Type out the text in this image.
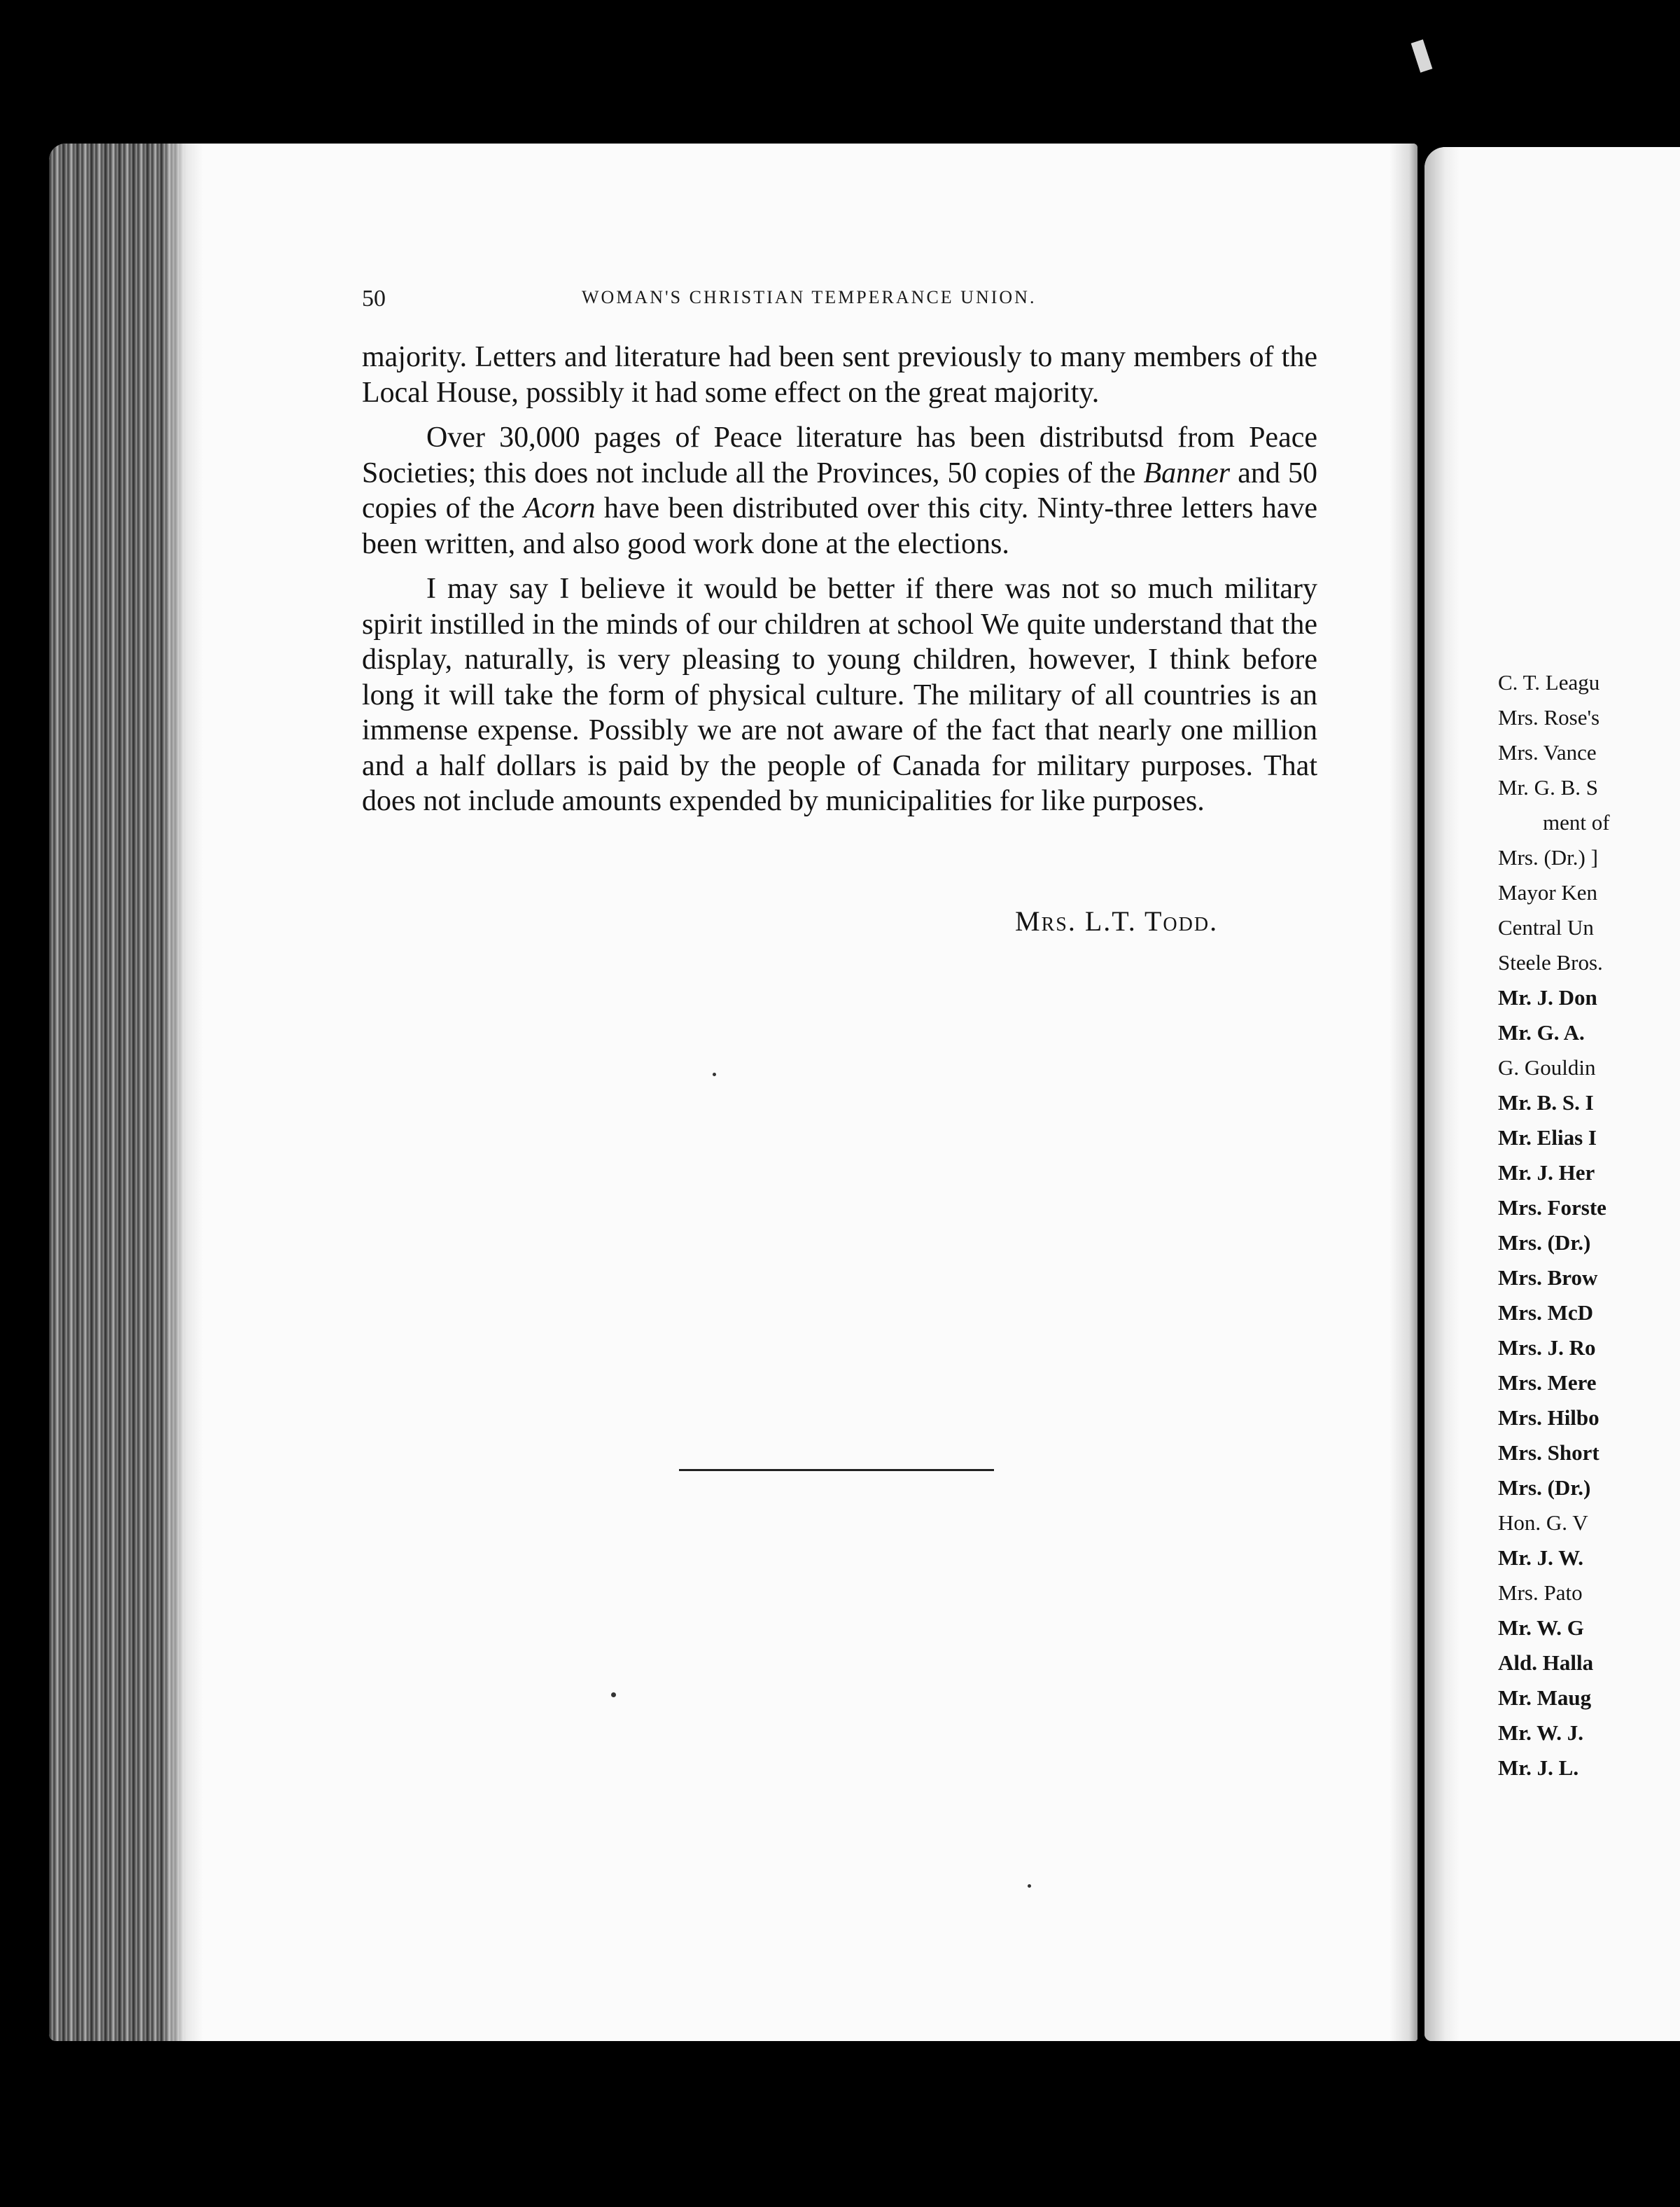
50	WOMAN'S CHRISTIAN TEMPERANCE UNION.

majority. Letters and literature had been sent previously to many members of the Local House, possibly it had some effect on the great majority.

Over 30,000 pages of Peace literature has been distributsd from Peace Societies; this does not include all the Provinces, 50 copies of the Banner and 50 copies of the Acorn have been distributed over this city. Ninty-three letters have been written, and also good work done at the elections.

I may say I believe it would be better if there was not so much military spirit instilled in the minds of our children at school We quite understand that the display, naturally, is very pleasing to young children, however, I think before long it will take the form of physical culture. The military of all countries is an immense expense. Possibly we are not aware of the fact that nearly one million and a half dollars is paid by the people of Canada for military purposes. That does not include amounts expended by municipalities for like purposes.

Mrs. L.T. Todd.
C. T. Leagu
Mrs. Rose's
Mrs. Vance
Mr. G. B. S
ment of
Mrs. (Dr.) ]
Mayor Ken
Central Un
Steele Bros.
Mr. J. Don
Mr. G. A.
G. Gouldin
Mr. B. S. I
Mr. Elias I
Mr. J. Her
Mrs. Forste
Mrs. (Dr.)
Mrs. Brow
Mrs. McD
Mrs. J. Ro
Mrs. Mere
Mrs. Hilbo
Mrs. Short
Mrs. (Dr.)
Hon. G. V
Mr. J. W.
Mrs. Pato
Mr. W. G
Ald. Halla
Mr. Maug
Mr. W. J.
Mr. J. L.
